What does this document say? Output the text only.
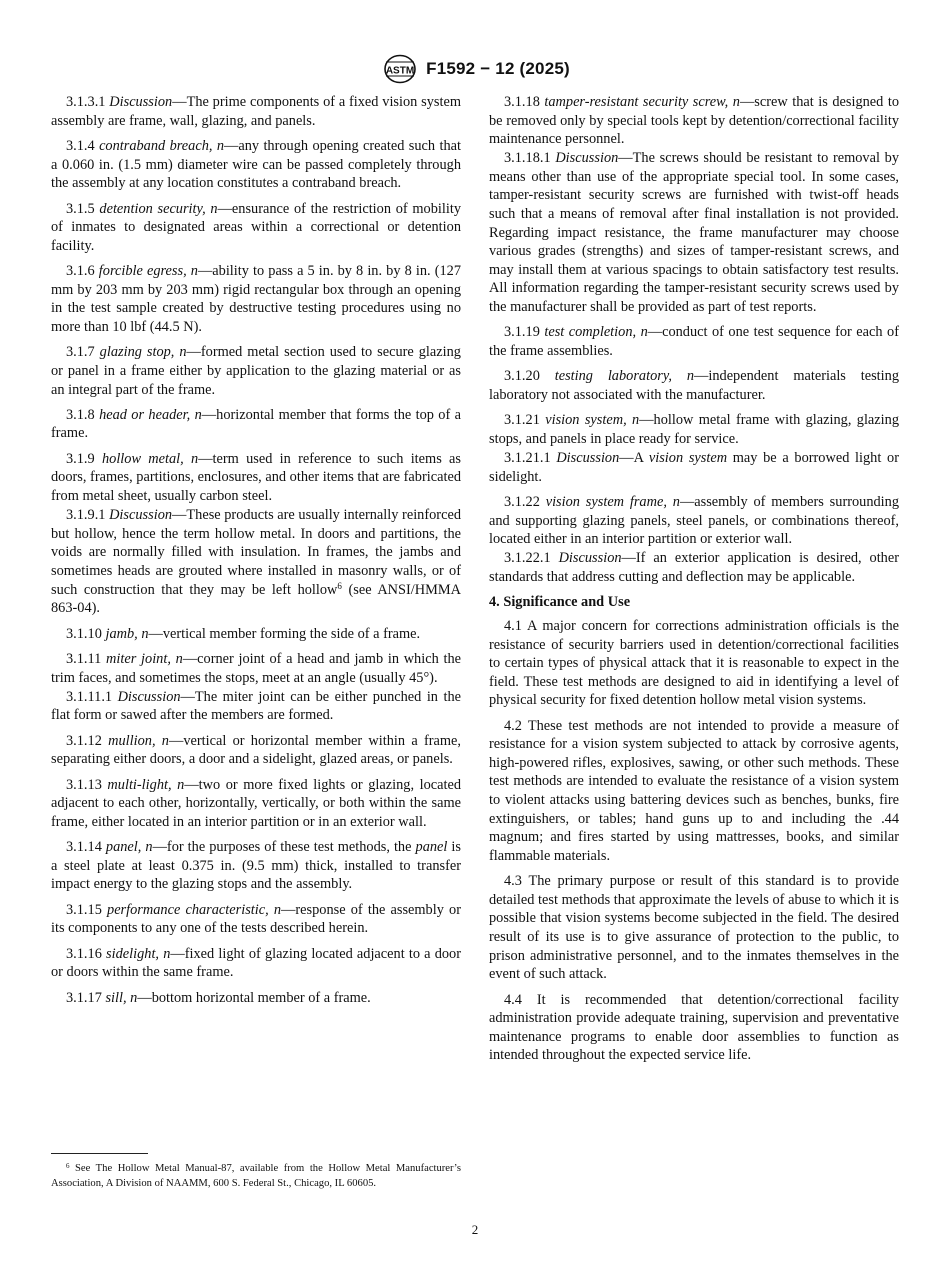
ASTM F1592 − 12 (2025)

3.1.3.1 Discussion—The prime components of a fixed vision system assembly are frame, wall, glazing, and panels.

3.1.4 contraband breach, n—any through opening created such that a 0.060 in. (1.5 mm) diameter wire can be passed completely through the assembly at any location constitutes a contraband breach.

3.1.5 detention security, n—ensurance of the restriction of mobility of inmates to designated areas within a correctional or detention facility.

3.1.6 forcible egress, n—ability to pass a 5 in. by 8 in. by 8 in. (127 mm by 203 mm by 203 mm) rigid rectangular box through an opening in the test sample created by destructive testing procedures using no more than 10 lbf (44.5 N).

3.1.7 glazing stop, n—formed metal section used to secure glazing or panel in a frame either by application to the glazing material or as an integral part of the frame.

3.1.8 head or header, n—horizontal member that forms the top of a frame.

3.1.9 hollow metal, n—term used in reference to such items as doors, frames, partitions, enclosures, and other items that are fabricated from metal sheet, usually carbon steel.

3.1.9.1 Discussion—These products are usually internally reinforced but hollow, hence the term hollow metal. In doors and partitions, the voids are normally filled with insulation. In frames, the jambs and sometimes heads are grouted where installed in masonry walls, or of such construction that they may be left hollow$^6$ (see ANSI/HMMA 863-04).

3.1.10 jamb, n—vertical member forming the side of a frame.

3.1.11 miter joint, n—corner joint of a head and jamb in which the trim faces, and sometimes the stops, meet at an angle (usually 45°).

3.1.11.1 Discussion—The miter joint can be either punched in the flat form or sawed after the members are formed.

3.1.12 mullion, n—vertical or horizontal member within a frame, separating either doors, a door and a sidelight, glazed areas, or panels.

3.1.13 multi-light, n—two or more fixed lights or glazing, located adjacent to each other, horizontally, vertically, or both within the same frame, either located in an interior partition or in an exterior wall.

3.1.14 panel, n—for the purposes of these test methods, the panel is a steel plate at least 0.375 in. (9.5 mm) thick, installed to transfer impact energy to the glazing stops and the assembly.

3.1.15 performance characteristic, n—response of the assembly or its components to any one of the tests described herein.

3.1.16 sidelight, n—fixed light of glazing located adjacent to a door or doors within the same frame.

3.1.17 sill, n—bottom horizontal member of a frame.

3.1.18 tamper-resistant security screw, n—screw that is designed to be removed only by special tools kept by detention/correctional facility maintenance personnel.

3.1.18.1 Discussion—The screws should be resistant to removal by means other than use of the appropriate special tool. In some cases, tamper-resistant security screws are furnished with twist-off heads such that a means of removal after final installation is not provided. Regarding impact resistance, the frame manufacturer may choose various grades (strengths) and sizes of tamper-resistant screws, and may install them at various spacings to obtain satisfactory test results. All information regarding the tamper-resistant security screws used by the manufacturer shall be provided as part of test reports.

3.1.19 test completion, n—conduct of one test sequence for each of the frame assemblies.

3.1.20 testing laboratory, n—independent materials testing laboratory not associated with the manufacturer.

3.1.21 vision system, n—hollow metal frame with glazing, glazing stops, and panels in place ready for service.

3.1.21.1 Discussion—A vision system may be a borrowed light or sidelight.

3.1.22 vision system frame, n—assembly of members surrounding and supporting glazing panels, steel panels, or combinations thereof, located either in an interior partition or exterior wall.

3.1.22.1 Discussion—If an exterior application is desired, other standards that address cutting and deflection may be applicable.

4. Significance and Use

4.1 A major concern for corrections administration officials is the resistance of security barriers used in detention/correctional facilities to certain types of physical attack that it is reasonable to expect in the field. These test methods are designed to aid in identifying a level of physical security for fixed detention hollow metal vision systems.

4.2 These test methods are not intended to provide a measure of resistance for a vision system subjected to attack by corrosive agents, high-powered rifles, explosives, sawing, or other such methods. These test methods are intended to evaluate the resistance of a vision system to violent attacks using battering devices such as benches, bunks, fire extinguishers, or tables; hand guns up to and including the .44 magnum; and fires started by using mattresses, books, and similar flammable materials.

4.3 The primary purpose or result of this standard is to provide detailed test methods that approximate the levels of abuse to which it is possible that vision systems become subjected in the field. The desired result of its use is to give assurance of protection to the public, to prison administrative personnel, and to the inmates themselves in the event of such attack.

4.4 It is recommended that detention/correctional facility administration provide adequate training, supervision and preventative maintenance programs to enable door assemblies to function as intended throughout the expected service life.

$^6$ See The Hollow Metal Manual-87, available from the Hollow Metal Manufacturer’s Association, A Division of NAAMM, 600 S. Federal St., Chicago, IL 60605.
2
